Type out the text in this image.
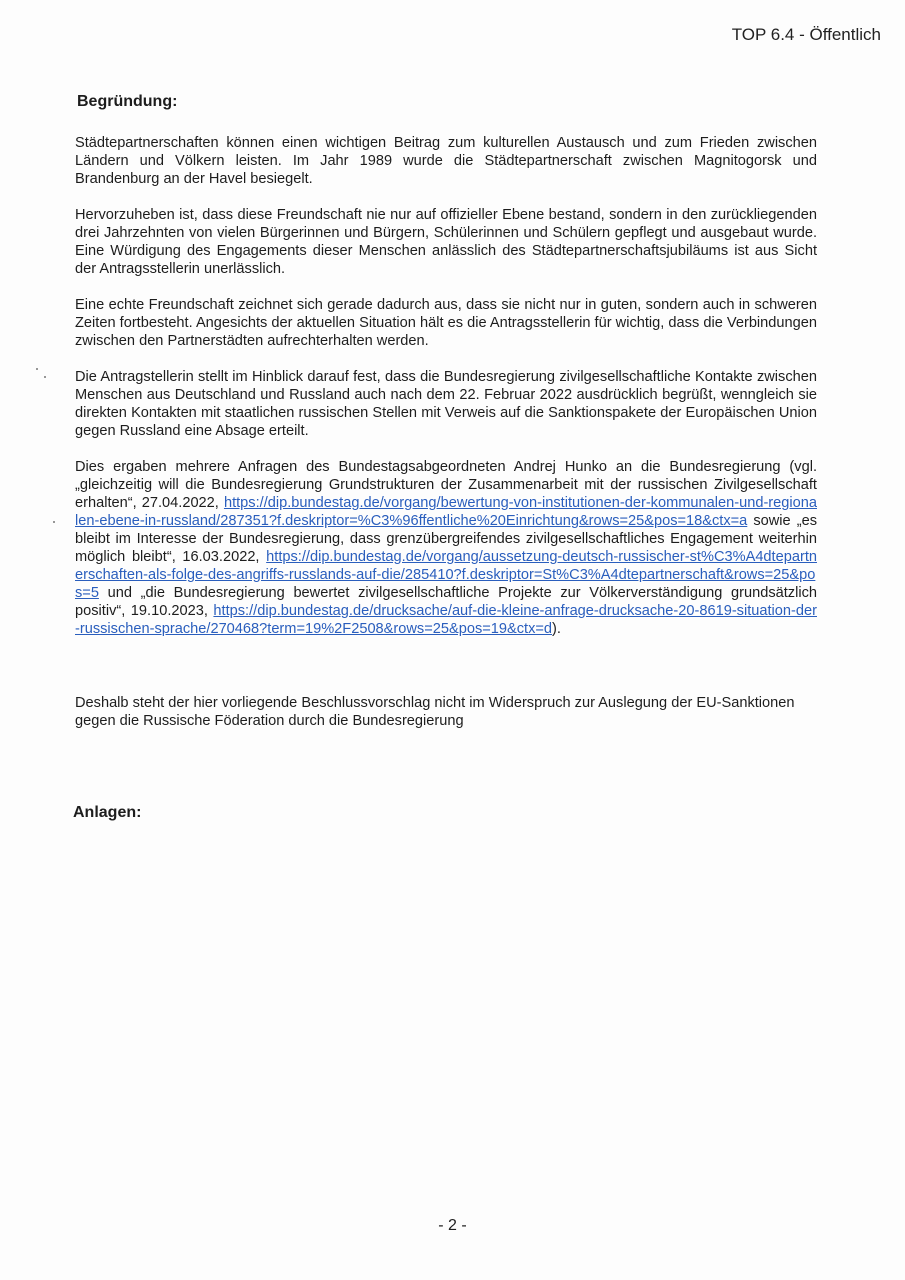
TOP 6.4 - Öffentlich
Begründung:
Städtepartnerschaften können einen wichtigen Beitrag zum kulturellen Austausch und zum Frieden zwischen Ländern und Völkern leisten. Im Jahr 1989 wurde die Städtepartnerschaft zwischen Magnitogorsk und Brandenburg an der Havel besiegelt.
Hervorzuheben ist, dass diese Freundschaft nie nur auf offizieller Ebene bestand, sondern in den zurückliegenden drei Jahrzehnten von vielen Bürgerinnen und Bürgern, Schülerinnen und Schülern gepflegt und ausgebaut wurde. Eine Würdigung des Engagements dieser Menschen anlässlich des Städtepartnerschaftsjubiläums ist aus Sicht der Antragsstellerin unerlässlich.
Eine echte Freundschaft zeichnet sich gerade dadurch aus, dass sie nicht nur in guten, sondern auch in schweren Zeiten fortbesteht. Angesichts der aktuellen Situation hält es die Antragsstellerin für wichtig, dass die Verbindungen zwischen den Partnerstädten aufrechterhalten werden.
Die Antragstellerin stellt im Hinblick darauf fest, dass die Bundesregierung zivilgesellschaftliche Kontakte zwischen Menschen aus Deutschland und Russland auch nach dem 22. Februar 2022 ausdrücklich begrüßt, wenngleich sie direkten Kontakten mit staatlichen russischen Stellen mit Verweis auf die Sanktionspakete der Europäischen Union gegen Russland eine Absage erteilt.
Dies ergaben mehrere Anfragen des Bundestagsabgeordneten Andrej Hunko an die Bundesregierung (vgl. „gleichzeitig will die Bundesregierung Grundstrukturen der Zusammenarbeit mit der russischen Zivilgesellschaft erhalten“, 27.04.2022, https://dip.bundestag.de/vorgang/bewertung-von-institutionen-der-kommunalen-und-regionalen-ebene-in-russland/287351?f.deskriptor=%C3%96ffentliche%20Einrichtung&rows=25&pos=18&ctx=a sowie „es bleibt im Interesse der Bundesregierung, dass grenzübergreifendes zivilgesellschaftliches Engagement weiterhin möglich bleibt“, 16.03.2022, https://dip.bundestag.de/vorgang/aussetzung-deutsch-russischer-st%C3%A4dtepartnerschaften-als-folge-des-angriffs-russlands-auf-die/285410?f.deskriptor=St%C3%A4dtepartnerschaft&rows=25&pos=5 und „die Bundesregierung bewertet zivilgesellschaftliche Projekte zur Völkerverständigung grundsätzlich positiv“, 19.10.2023, https://dip.bundestag.de/drucksache/auf-die-kleine-anfrage-drucksache-20-8619-situation-der-russischen-sprache/270468?term=19%2F2508&rows=25&pos=19&ctx=d).
Deshalb steht der hier vorliegende Beschlussvorschlag nicht im Widerspruch zur Auslegung der EU-Sanktionen gegen die Russische Föderation durch die Bundesregierung
Anlagen:
- 2 -
